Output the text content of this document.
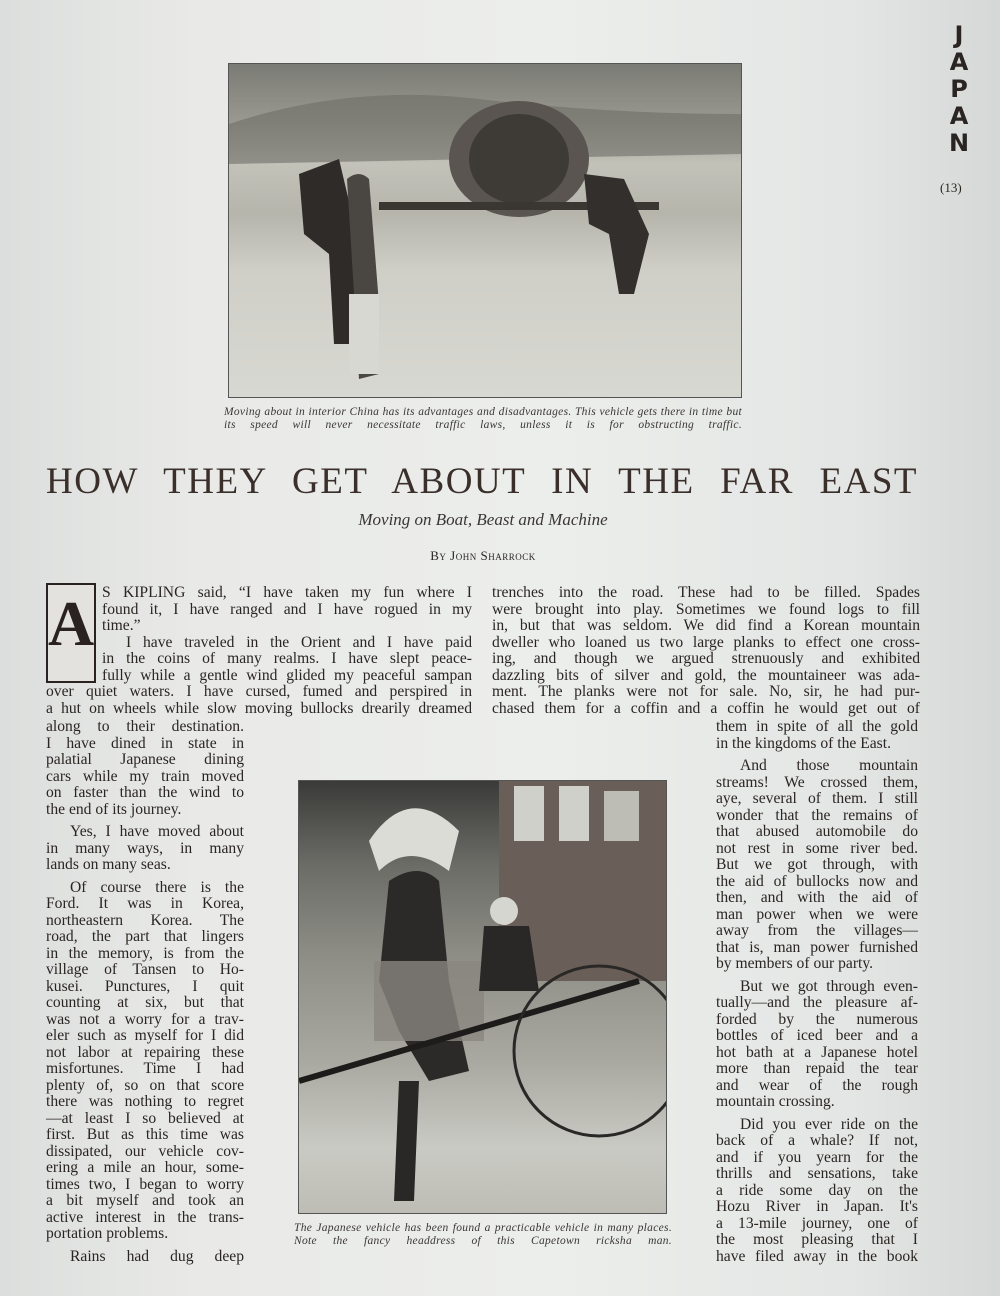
J
A
P
A
N
(13)
Moving about in interior China has its advantages and disadvantages. This vehicle gets there in time but its speed will never necessitate traffic laws, unless it is for obstructing traffic.
HOW THEY GET ABOUT IN THE FAR EAST
Moving on Boat, Beast and Machine
By John Sharrock
A S KIPLING said, “I have taken my fun where I
found it, I have ranged and I have rogued in my
time.”
I have traveled in the Orient and I have paid
in the coins of many realms. I have slept peace-
fully while a gentle wind glided my peaceful sampan
over quiet waters. I have cursed, fumed and perspired in
a hut on wheels while slow moving bullocks drearily dreamed
along to their destination.
I have dined in state in
palatial Japanese dining
cars while my train moved
on faster than the wind to
the end of its journey.
Yes, I have moved about
in many ways, in many
lands on many seas.
Of course there is the
Ford. It was in Korea,
northeastern Korea. The
road, the part that lingers
in the memory, is from the
village of Tansen to Ho-
kusei. Punctures, I quit
counting at six, but that
was not a worry for a trav-
eler such as myself for I did
not labor at repairing these
misfortunes. Time I had
plenty of, so on that score
there was nothing to regret
—at least I so believed at
first. But as this time was
dissipated, our vehicle cov-
ering a mile an hour, some-
times two, I began to worry
a bit myself and took an
active interest in the trans-
portation problems.
Rains had dug deep
trenches into the road. These had to be filled. Spades
were brought into play. Sometimes we found logs to fill
in, but that was seldom. We did find a Korean mountain
dweller who loaned us two large planks to effect one cross-
ing, and though we argued strenuously and exhibited
dazzling bits of silver and gold, the mountaineer was ada-
ment. The planks were not for sale. No, sir, he had pur-
chased them for a coffin and a coffin he would get out of
them in spite of all the gold
in the kingdoms of the East.
And those mountain
streams! We crossed them,
aye, several of them. I still
wonder that the remains of
that abused automobile do
not rest in some river bed.
But we got through, with
the aid of bullocks now and
then, and with the aid of
man power when we were
away from the villages—
that is, man power furnished
by members of our party.
But we got through even-
tually—and the pleasure af-
forded by the numerous
bottles of iced beer and a
hot bath at a Japanese hotel
more than repaid the tear
and wear of the rough
mountain crossing.
Did you ever ride on the
back of a whale? If not,
and if you yearn for the
thrills and sensations, take
a ride some day on the
Hozu River in Japan. It's
a 13-mile journey, one of
the most pleasing that I
have filed away in the book
The Japanese vehicle has been found a practicable vehicle in many places. Note the fancy headdress of this Capetown ricksha man.
